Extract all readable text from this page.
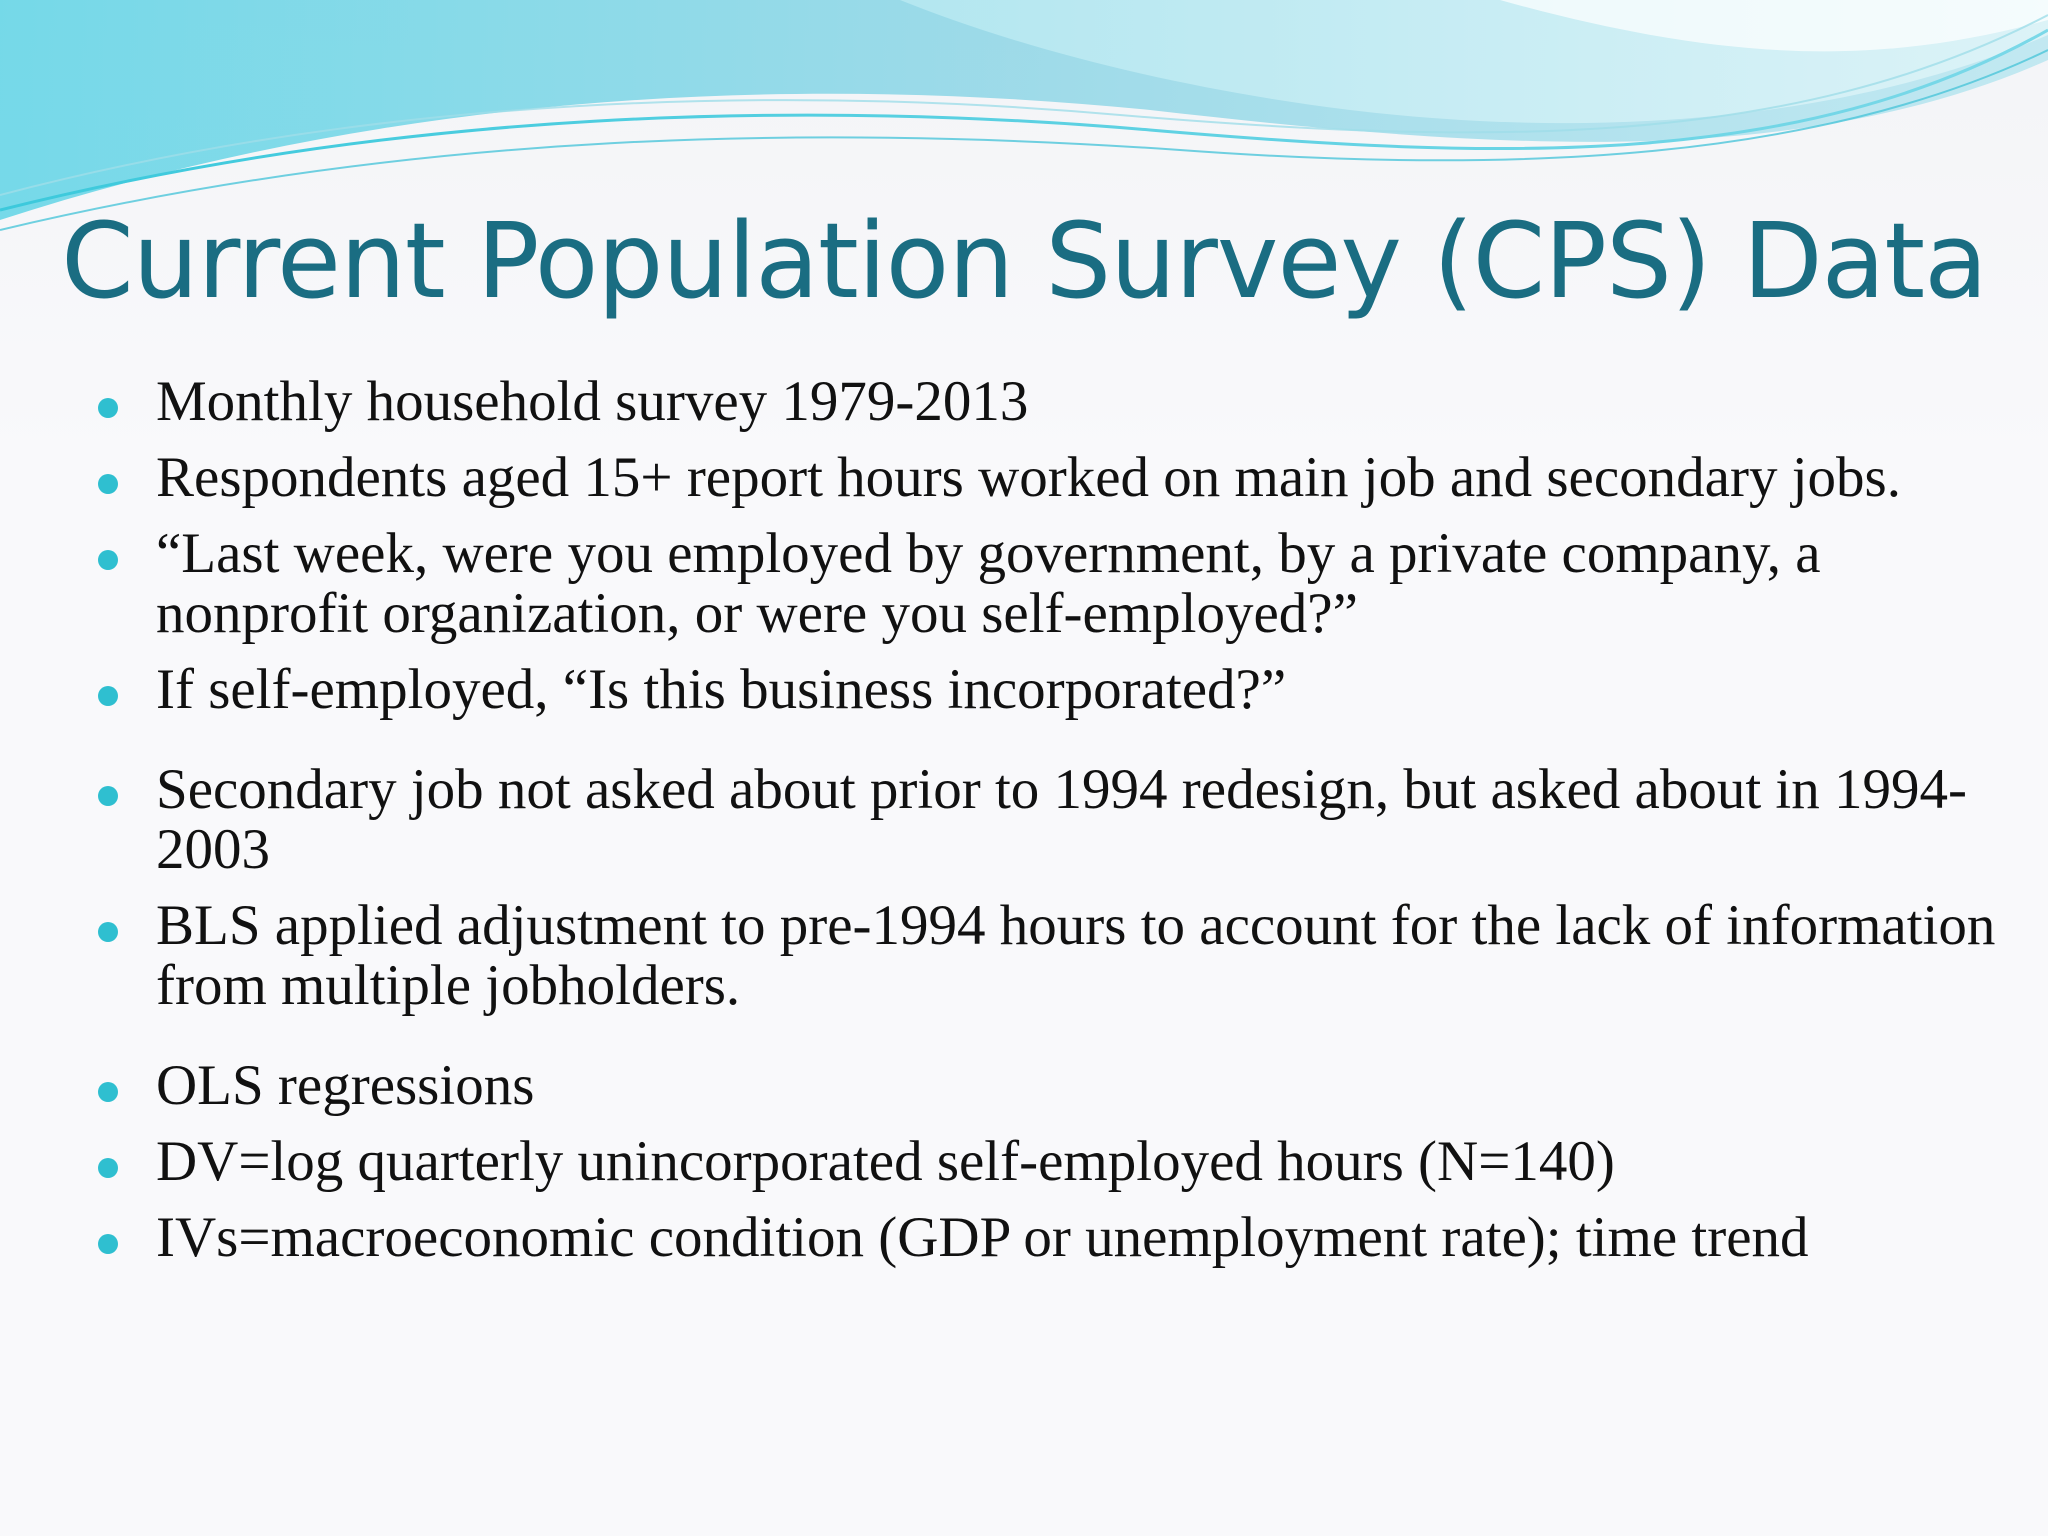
Current Population Survey (CPS) Data
Monthly household survey 1979-2013
Respondents aged 15+ report hours worked on main job and secondary jobs.
“Last week, were you employed by government, by a private company, a nonprofit organization, or were you self-employed?”
If self-employed, “Is this business incorporated?”
Secondary job not asked about prior to 1994 redesign, but asked about in 1994-2003
BLS applied adjustment to pre-1994 hours to account for the lack of information from multiple jobholders.
OLS regressions
DV=log quarterly unincorporated self-employed hours (N=140)
IVs=macroeconomic condition (GDP or unemployment rate); time trend
